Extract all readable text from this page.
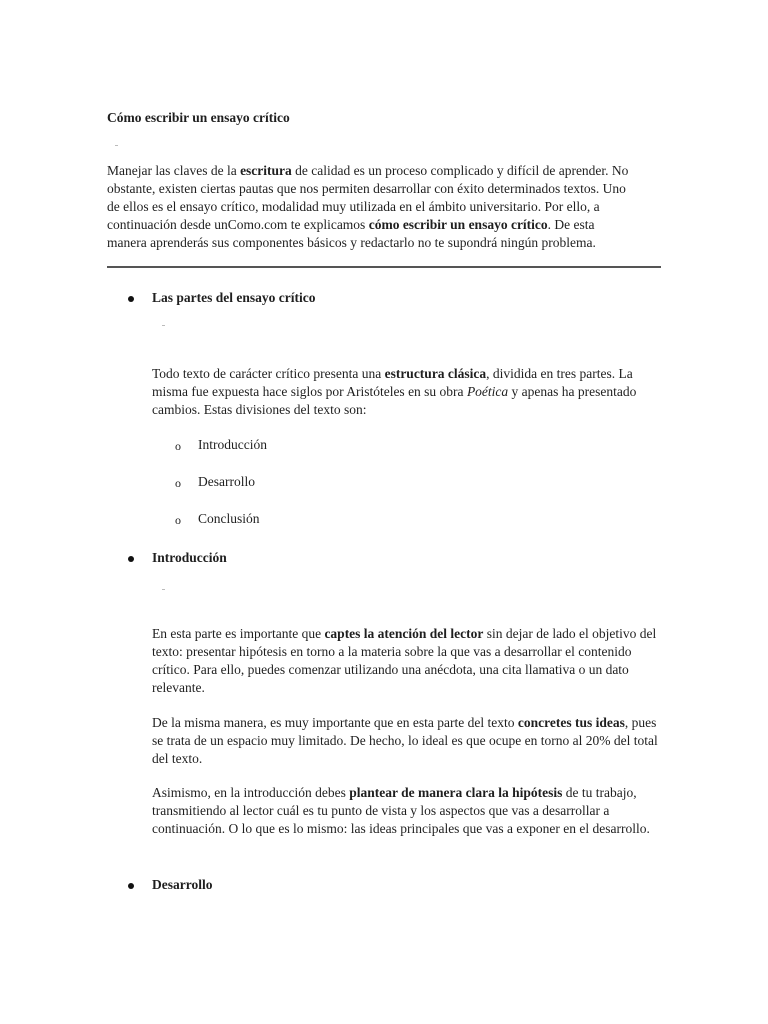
Cómo escribir un ensayo crítico
Manejar las claves de la escritura de calidad es un proceso complicado y difícil de aprender. No obstante, existen ciertas pautas que nos permiten desarrollar con éxito determinados textos. Uno de ellos es el ensayo crítico, modalidad muy utilizada en el ámbito universitario. Por ello, a continuación desde unComo.com te explicamos cómo escribir un ensayo crítico. De esta manera aprenderás sus componentes básicos y redactarlo no te supondrá ningún problema.
Las partes del ensayo crítico
Todo texto de carácter crítico presenta una estructura clásica, dividida en tres partes. La misma fue expuesta hace siglos por Aristóteles en su obra Poética y apenas ha presentado cambios. Estas divisiones del texto son:
o Introducción
o Desarrollo
o Conclusión
Introducción
En esta parte es importante que captes la atención del lector sin dejar de lado el objetivo del texto: presentar hipótesis en torno a la materia sobre la que vas a desarrollar el contenido crítico. Para ello, puedes comenzar utilizando una anécdota, una cita llamativa o un dato relevante.
De la misma manera, es muy importante que en esta parte del texto concretes tus ideas, pues se trata de un espacio muy limitado. De hecho, lo ideal es que ocupe en torno al 20% del total del texto.
Asimismo, en la introducción debes plantear de manera clara la hipótesis de tu trabajo, transmitiendo al lector cuál es tu punto de vista y los aspectos que vas a desarrollar a continuación. O lo que es lo mismo: las ideas principales que vas a exponer en el desarrollo.
Desarrollo
